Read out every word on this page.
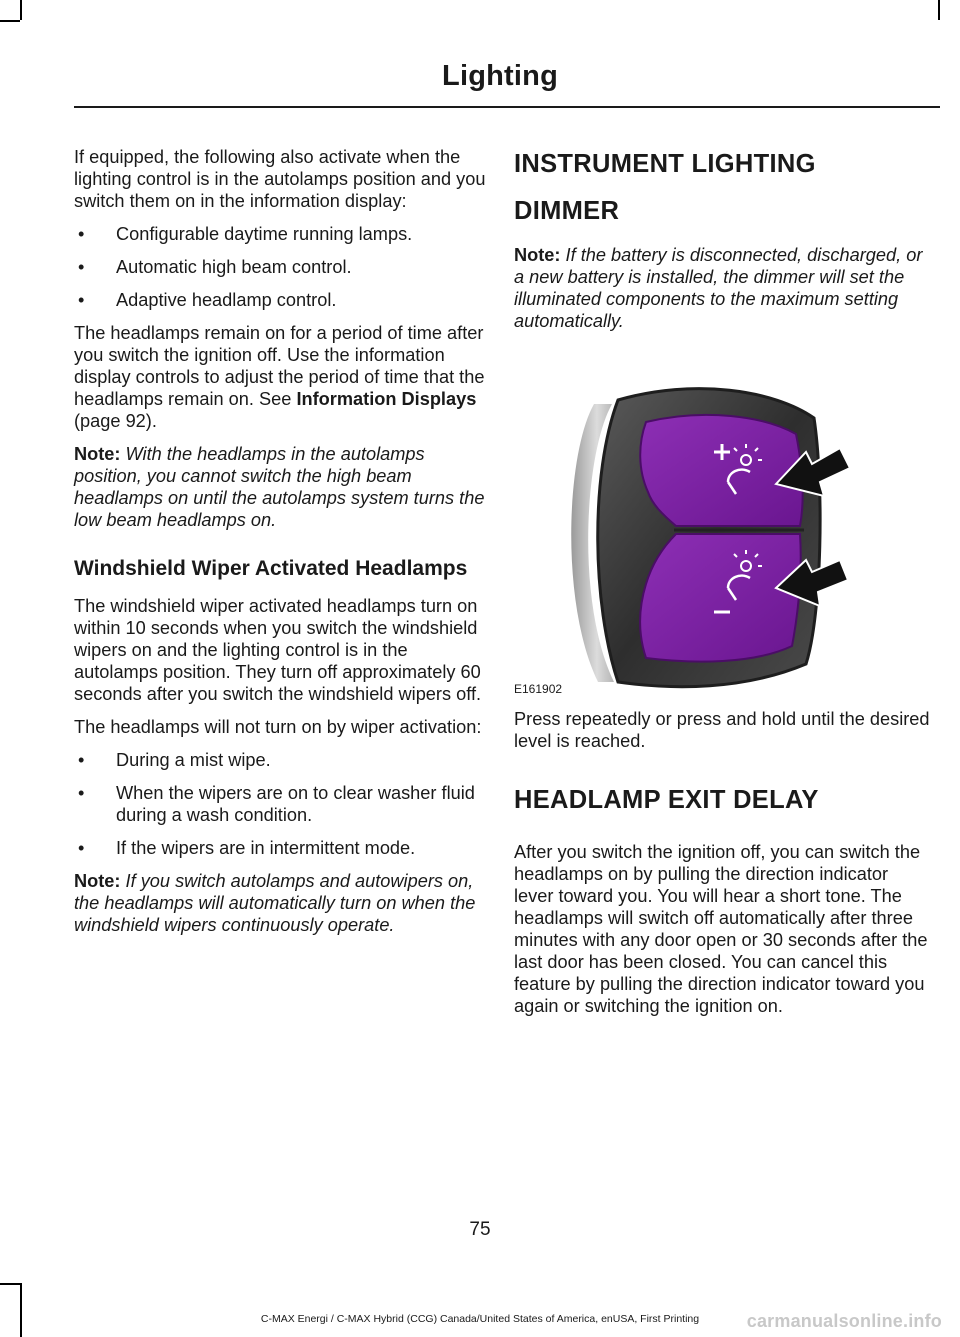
Lighting

If equipped, the following also activate when the lighting control is in the autolamps position and you switch them on in the information display:

• Configurable daytime running lamps.
• Automatic high beam control.
• Adaptive headlamp control.

The headlamps remain on for a period of time after you switch the ignition off. Use the information display controls to adjust the period of time that the headlamps remain on. See Information Displays
(page 92).

Note: With the headlamps in the autolamps position, you cannot switch the high beam headlamps on until the autolamps system turns the low beam headlamps on.

Windshield Wiper Activated Headlamps

The windshield wiper activated headlamps turn on within 10 seconds when you switch the windshield wipers on and the lighting control is in the autolamps position. They turn off approximately 60 seconds after you switch the windshield wipers off.

The headlamps will not turn on by wiper activation:

• During a mist wipe.
• When the wipers are on to clear washer fluid during a wash condition.
• If the wipers are in intermittent mode.

Note: If you switch autolamps and autowipers on, the headlamps will automatically turn on when the windshield wipers continuously operate.

INSTRUMENT LIGHTING
DIMMER

Note: If the battery is disconnected, discharged, or a new battery is installed, the dimmer will set the illuminated components to the maximum setting automatically.

E161902

Press repeatedly or press and hold until the desired level is reached.

HEADLAMP EXIT DELAY

After you switch the ignition off, you can switch the headlamps on by pulling the direction indicator lever toward you. You will hear a short tone. The headlamps will switch off automatically after three minutes with any door open or 30 seconds after the last door has been closed. You can cancel this feature by pulling the direction indicator toward you again or switching the ignition on.

75
C-MAX Energi / C-MAX Hybrid (CCG) Canada/United States of America, enUSA, First Printing	carmanualsonline.info
